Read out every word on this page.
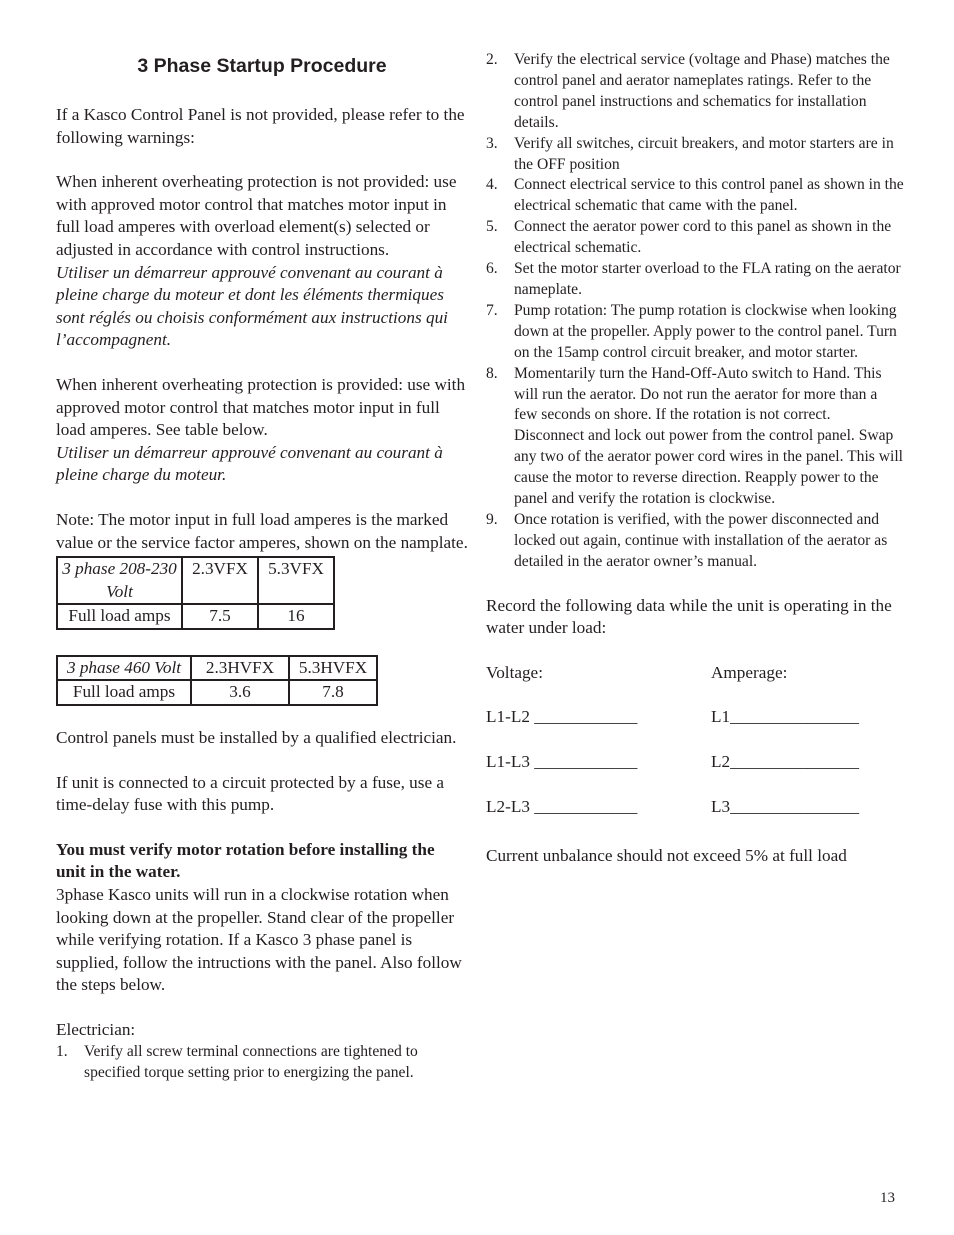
3 Phase Startup Procedure

If a Kasco Control Panel is not provided, please refer to the following warnings:

When inherent overheating protection is not provided: use with approved motor control that matches motor input in full load amperes with overload element(s) selected or adjusted in accordance with control instructions.

Utiliser un démarreur approuvé convenant au courant à pleine charge du moteur et dont les éléments thermiques sont réglés ou choisis conformément aux instructions qui l’accompagnent.

When inherent overheating protection is provided: use with approved motor control that matches motor input in full load amperes. See table below.

Utiliser un démarreur approuvé convenant au courant à pleine charge du moteur.

Note: The motor input in full load amperes is the marked value or the service factor amperes, shown on the namplate.

3 phase 208-230 Volt	2.3VFX	5.3VFX
Full load amps	7.5	16
3 phase 460 Volt	2.3HVFX	5.3HVFX
Full load amps	3.6	7.8

Control panels must be installed by a qualified electrician.

If unit is connected to a circuit protected by a fuse, use a time-delay fuse with this pump.

You must verify motor rotation before installing the unit in the water.

3phase Kasco units will run in a clockwise rotation when looking down at the propeller. Stand clear of the propeller while verifying rotation. If a Kasco 3 phase panel is supplied, follow the intructions with the panel. Also follow the steps below.

Electrician:

1. Verify all screw terminal connections are tightened to specified torque setting prior to energizing the panel.
2. Verify the electrical service (voltage and Phase) matches the control panel and aerator nameplates ratings. Refer to the control panel instructions and schematics for installation details.
3. Verify all switches, circuit breakers, and motor starters are in the OFF position
4. Connect electrical service to this control panel as shown in the electrical schematic that came with the panel.
5. Connect the aerator power cord to this panel as shown in the electrical schematic.
6. Set the motor starter overload to the FLA rating on the aerator nameplate.
7. Pump rotation: The pump rotation is clockwise when looking down at the propeller. Apply power to the control panel. Turn on the 15amp control circuit breaker, and motor starter.
8. Momentarily turn the Hand-Off-Auto switch to Hand. This will run the aerator. Do not run the aerator for more than a few seconds on shore. If the rotation is not correct. Disconnect and lock out power from the control panel. Swap any two of the aerator power cord wires in the panel. This will cause the motor to reverse direction. Reapply power to the panel and verify the rotation is clockwise.
9. Once rotation is verified, with the power disconnected and locked out again, continue with installation of the aerator as detailed in the aerator owner’s manual.

Record the following data while the unit is operating in the water under load:

Voltage:	Amperage:
L1-L2 ____________	L1_______________
L1-L3 ____________	L2_______________
L2-L3 ____________	L3_______________

Current unbalance should not exceed 5% at full load

13
